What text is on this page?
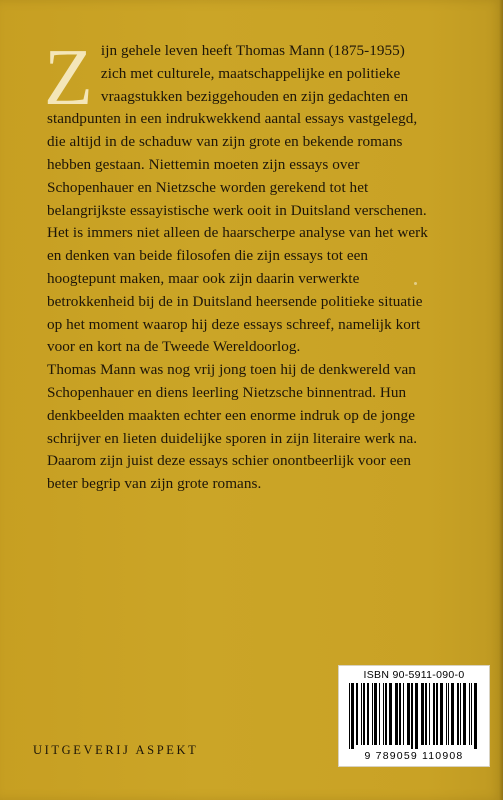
Zijn gehele leven heeft Thomas Mann (1875-1955) zich met culturele, maatschappelijke en politieke vraagstukken beziggehouden en zijn gedachten en standpunten in een indrukwekkend aantal essays vastgelegd, die altijd in de schaduw van zijn grote en bekende romans hebben gestaan. Niettemin moeten zijn essays over Schopenhauer en Nietzsche worden gerekend tot het belangrijkste essayistische werk ooit in Duitsland verschenen. Het is immers niet alleen de haarscherpe analyse van het werk en denken van beide filosofen die zijn essays tot een hoogtepunt maken, maar ook zijn daarin verwerkte betrokkenheid bij de in Duitsland heersende politieke situatie op het moment waarop hij deze essays schreef, namelijk kort voor en kort na de Tweede Wereldoorlog.

Thomas Mann was nog vrij jong toen hij de denkwereld van Schopenhauer en diens leerling Nietzsche binnentrad. Hun denkbeelden maakten echter een enorme indruk op de jonge schrijver en lieten duidelijke sporen in zijn literaire werk na. Daarom zijn juist deze essays schier onontbeerlijk voor een beter begrip van zijn grote romans.

ISBN 90-5911-090-0
9 789059 110908
UITGEVERIJ ASPEKT
